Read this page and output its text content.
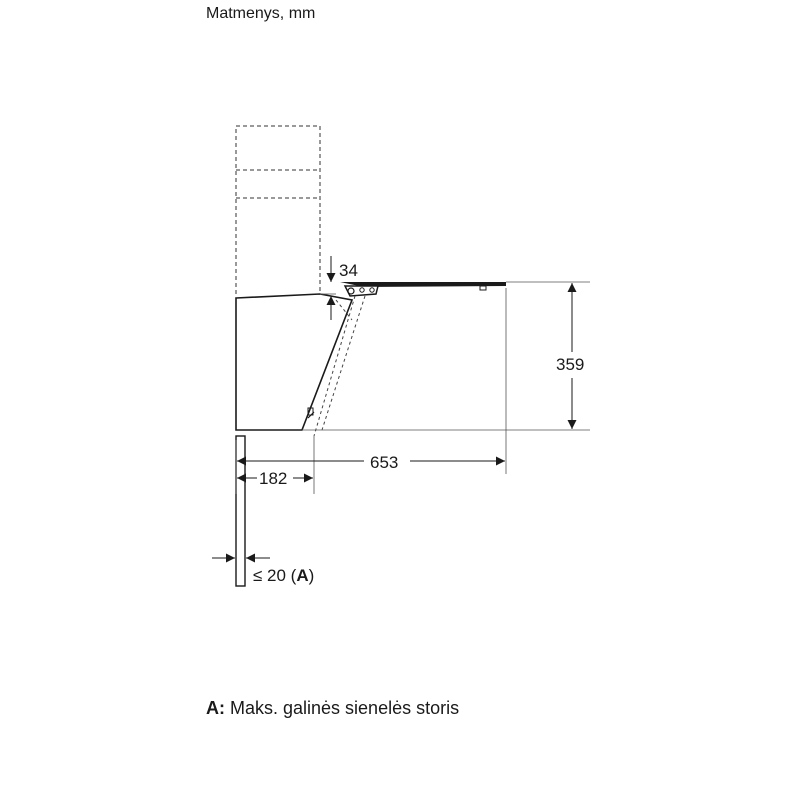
Matmenys, mm
34
359
653
182
≤ 20 (A)
A: Maks. galinės sienelės storis
